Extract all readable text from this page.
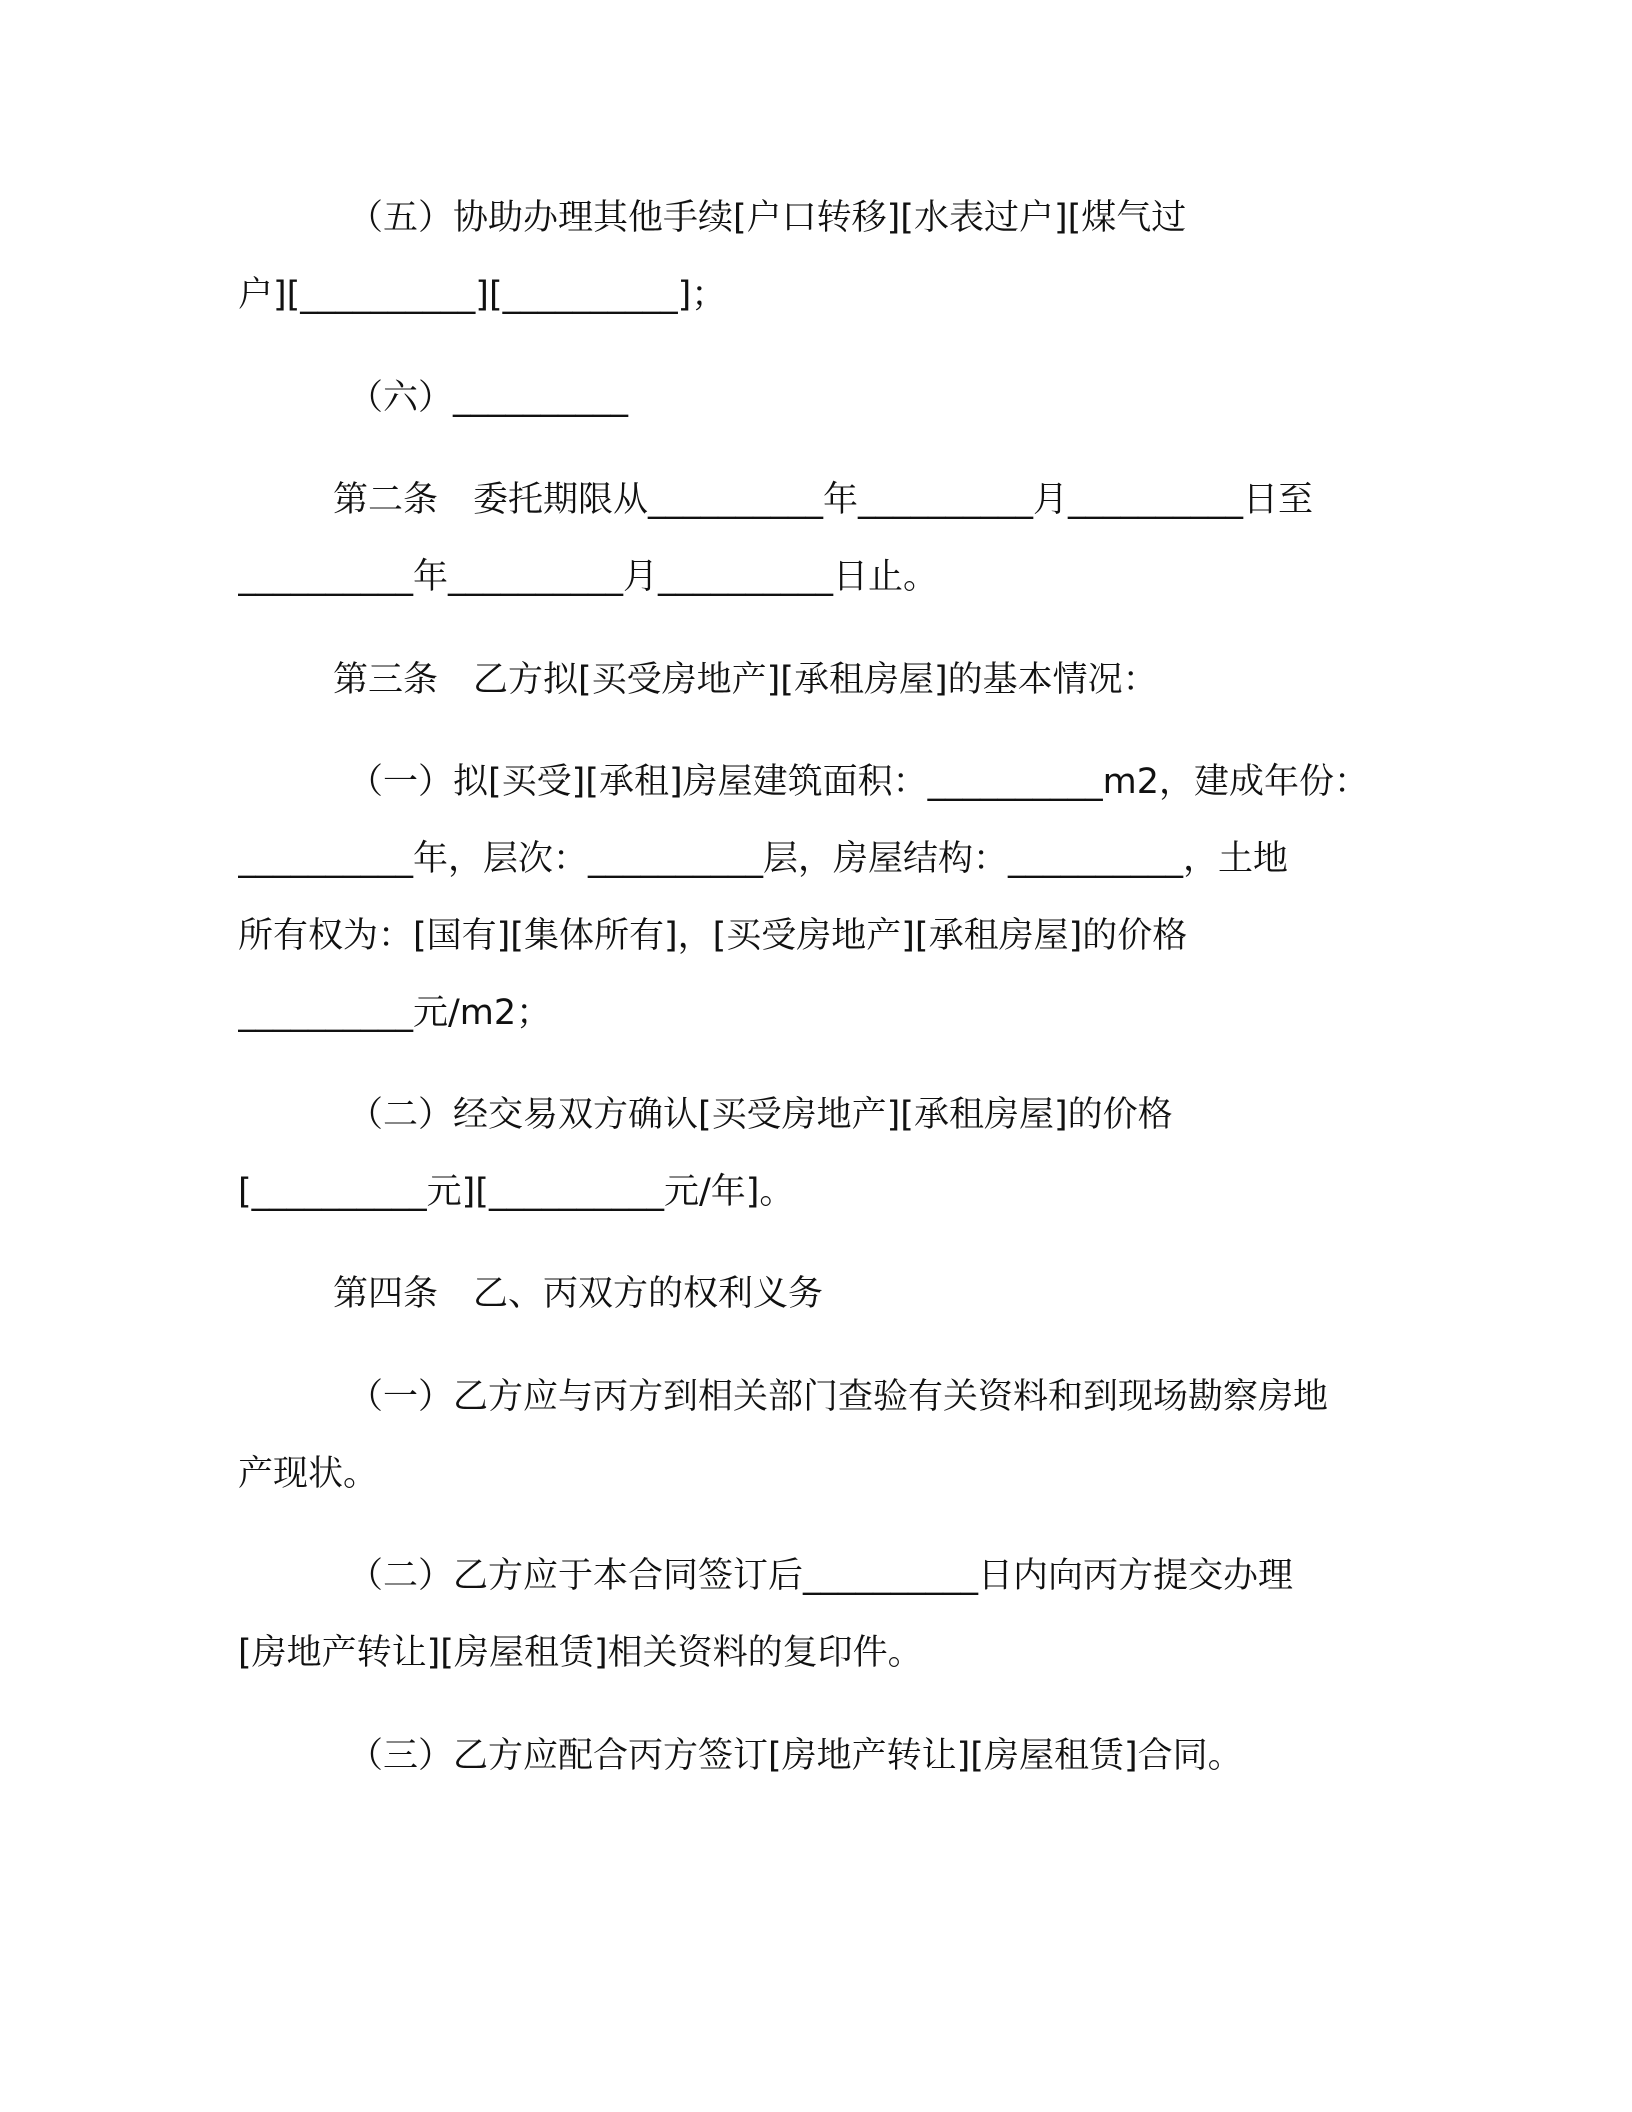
（五）协助办理其他手续[户口转移][水表过户][煤气过
户][__________][__________]；
（六）__________
第二条　委托期限从__________年__________月__________日至
__________年__________月__________日止。
第三条　乙方拟[买受房地产][承租房屋]的基本情况：
（一）拟[买受][承租]房屋建筑面积：__________m2，建成年份：
__________年，层次：__________层，房屋结构：__________，土地
所有权为：[国有][集体所有]，[买受房地产][承租房屋]的价格
__________元/m2；
（二）经交易双方确认[买受房地产][承租房屋]的价格
[__________元][__________元/年]。
第四条　乙、丙双方的权利义务
（一）乙方应与丙方到相关部门查验有关资料和到现场勘察房地
产现状。
（二）乙方应于本合同签订后__________日内向丙方提交办理
[房地产转让][房屋租赁]相关资料的复印件。
（三）乙方应配合丙方签订[房地产转让][房屋租赁]合同。
